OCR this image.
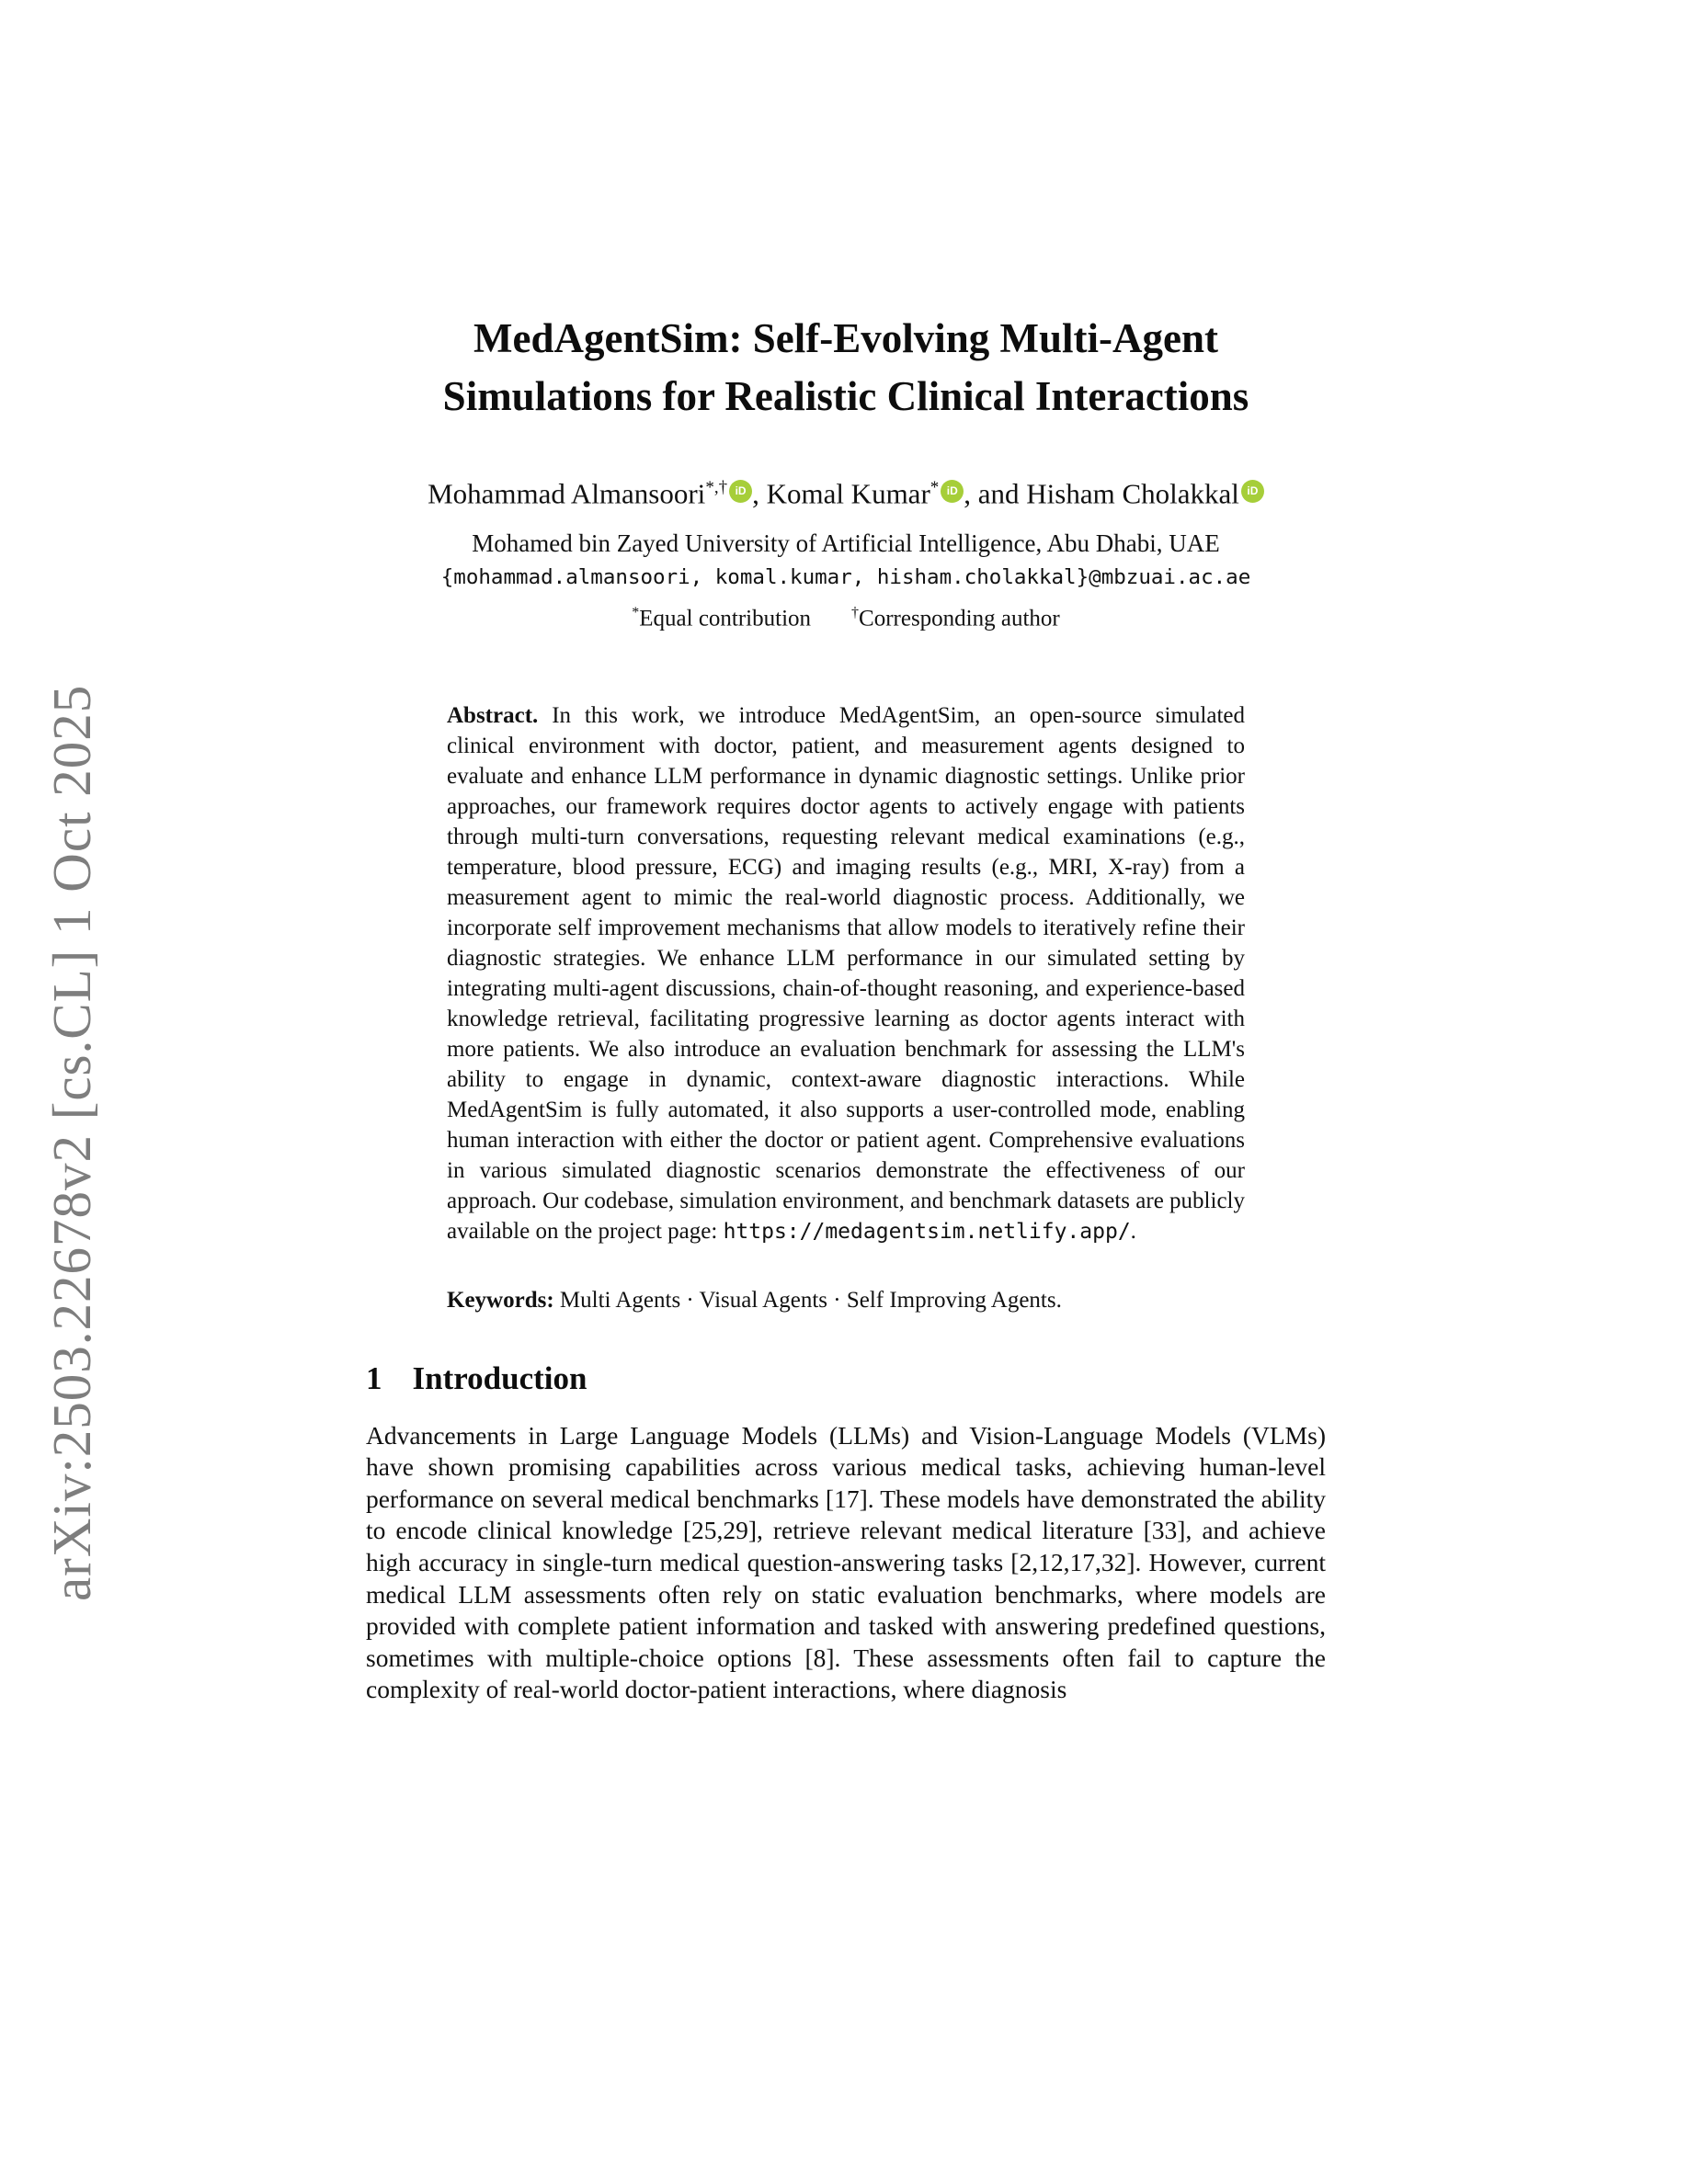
arXiv:2503.22678v2 [cs.CL] 1 Oct 2025
MedAgentSim: Self-Evolving Multi-Agent
Simulations for Realistic Clinical Interactions
Mohammad Almansoori*,† iD , Komal Kumar* iD , and Hisham Cholakkal iD
Mohamed bin Zayed University of Artificial Intelligence, Abu Dhabi, UAE
{mohammad.almansoori, komal.kumar, hisham.cholakkal}@mbzuai.ac.ae
*Equal contribution	†Corresponding author
Abstract. In this work, we introduce MedAgentSim, an open-source simulated clinical environment with doctor, patient, and measurement agents designed to evaluate and enhance LLM performance in dynamic diagnostic settings. Unlike prior approaches, our framework requires doctor agents to actively engage with patients through multi-turn conversations, requesting relevant medical examinations (e.g., temperature, blood pressure, ECG) and imaging results (e.g., MRI, X-ray) from a measurement agent to mimic the real-world diagnostic process. Additionally, we incorporate self improvement mechanisms that allow models to iteratively refine their diagnostic strategies. We enhance LLM performance in our simulated setting by integrating multi-agent discussions, chain-of-thought reasoning, and experience-based knowledge retrieval, facilitating progressive learning as doctor agents interact with more patients. We also introduce an evaluation benchmark for assessing the LLM's ability to engage in dynamic, context-aware diagnostic interactions. While MedAgentSim is fully automated, it also supports a user-controlled mode, enabling human interaction with either the doctor or patient agent. Comprehensive evaluations in various simulated diagnostic scenarios demonstrate the effectiveness of our approach. Our codebase, simulation environment, and benchmark datasets are publicly available on the project page: https://medagentsim.netlify.app/.
Keywords: Multi Agents · Visual Agents · Self Improving Agents.
1 Introduction
Advancements in Large Language Models (LLMs) and Vision-Language Models (VLMs) have shown promising capabilities across various medical tasks, achieving human-level performance on several medical benchmarks [17]. These models have demonstrated the ability to encode clinical knowledge [25,29], retrieve relevant medical literature [33], and achieve high accuracy in single-turn medical question-answering tasks [2,12,17,32]. However, current medical LLM assessments often rely on static evaluation benchmarks, where models are provided with complete patient information and tasked with answering predefined questions, sometimes with multiple-choice options [8]. These assessments often fail to capture the complexity of real-world doctor-patient interactions, where diagnosis
